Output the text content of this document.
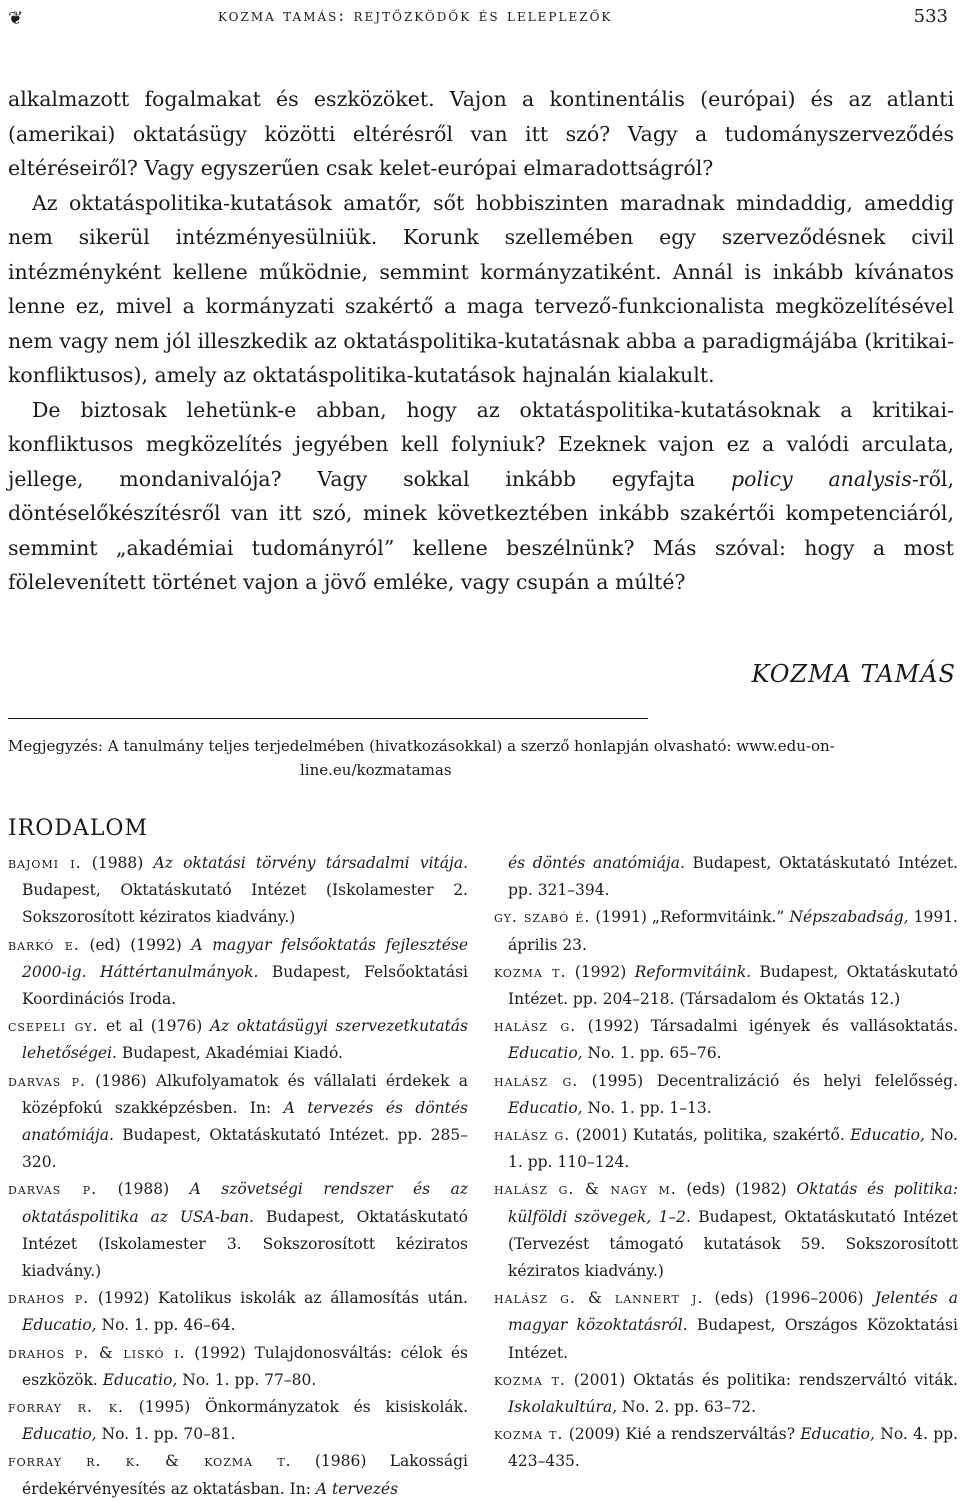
❦	kozma tamás: rejtőzködők és leleplezők	533

alkalmazott fogalmakat és eszközöket. Vajon a kontinentális (európai) és az atlanti (amerikai) oktatásügy közötti eltérésről van itt szó? Vagy a tudományszerveződés eltéréseiről? Vagy egyszerűen csak kelet-európai elmaradottságról?

Az oktatáspolitika-kutatások amatőr, sőt hobbiszinten maradnak mindaddig, ameddig nem sikerül intézményesülniük. Korunk szellemében egy szerveződésnek civil intézményként kellene működnie, semmint kormányzatiként. Annál is inkább kívánatos lenne ez, mivel a kormányzati szakértő a maga tervező-funkcionalista megközelítésével nem vagy nem jól illeszkedik az oktatáspolitika-kutatásnak abba a paradigmájába (kritikai-konfliktusos), amely az oktatáspolitika-kutatások hajnalán kialakult.

De biztosak lehetünk-e abban, hogy az oktatáspolitika-kutatásoknak a kritikai-konfliktusos megközelítés jegyében kell folyniuk? Ezeknek vajon ez a valódi arculata, jellege, mondanivalója? Vagy sokkal inkább egyfajta policy analysis-ről, döntéselőkészítésről van itt szó, minek következtében inkább szakértői kompetenciáról, semmint „akadémiai tudományról” kellene beszélnünk? Más szóval: hogy a most fölelevenített történet vajon a jövő emléke, vagy csupán a múlté?

KOZMA TAMÁS
Megjegyzés: A tanulmány teljes terjedelmében (hivatkozásokkal) a szerző honlapján olvasható: www.edu-on-
line.eu/kozmatamas
IRODALOM

bajomi i. (1988) Az oktatási törvény társadalmi vitája. Budapest, Oktatáskutató Intézet (Iskolamester 2. Sokszorosított kéziratos kiadvány.)

barkó e. (ed) (1992) A magyar felsőoktatás fejlesztése 2000-ig. Háttértanulmányok. Budapest, Felsőoktatási Koordinációs Iroda.

csepeli gy. et al (1976) Az oktatásügyi szervezetkutatás lehetőségei. Budapest, Akadémiai Kiadó.

darvas p. (1986) Alkufolyamatok és vállalati érdekek a középfokú szakképzésben. In: A tervezés és döntés anatómiája. Budapest, Oktatáskutató Intézet. pp. 285–320.

darvas p. (1988) A szövetségi rendszer és az oktatáspolitika az USA-ban. Budapest, Oktatáskutató Intézet (Iskolamester 3. Sokszorosított kéziratos kiadvány.)

drahos p. (1992) Katolikus iskolák az államosítás után. Educatio, No. 1. pp. 46–64.

drahos p. & liskó i. (1992) Tulajdonosváltás: célok és eszközök. Educatio, No. 1. pp. 77–80.

forray r. k. (1995) Önkormányzatok és kisiskolák. Educatio, No. 1. pp. 70–81.

forray r. k. & kozma t. (1986) Lakossági érdekérvényesítés az oktatásban. In: A tervezés

és döntés anatómiája. Budapest, Oktatáskutató Intézet. pp. 321–394.

gy. szabó é. (1991) „Reformvitáink.” Népszabadság, 1991. április 23.

kozma t. (1992) Reformvitáink. Budapest, Oktatáskutató Intézet. pp. 204–218. (Társadalom és Oktatás 12.)

halász g. (1992) Társadalmi igények és vallásoktatás. Educatio, No. 1. pp. 65–76.

halász g. (1995) Decentralizáció és helyi felelősség. Educatio, No. 1. pp. 1–13.

halász g. (2001) Kutatás, politika, szakértő. Educatio, No. 1. pp. 110–124.

halász g. & nagy m. (eds) (1982) Oktatás és politika: külföldi szövegek, 1–2. Budapest, Oktatáskutató Intézet (Tervezést támogató kutatások 59. Sokszorosított kéziratos kiadvány.)

halász g. & lannert j. (eds) (1996–2006) Jelentés a magyar közoktatásról. Budapest, Országos Közoktatási Intézet.

kozma t. (2001) Oktatás és politika: rendszerváltó viták. Iskolakultúra, No. 2. pp. 63–72.

kozma t. (2009) Kié a rendszerváltás? Educatio, No. 4. pp. 423–435.
